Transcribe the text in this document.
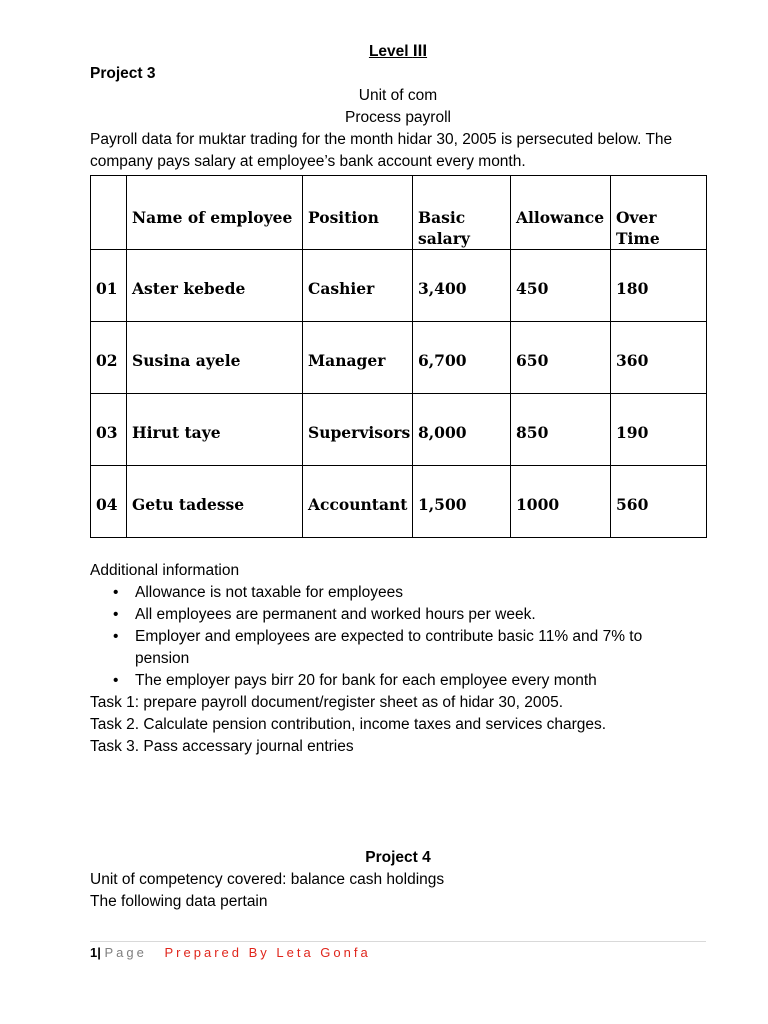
Level III
Project 3
Unit of com
Process payroll
Payroll data for muktar trading for the month hidar 30, 2005 is persecuted below. The
company pays salary at employee’s bank account every month.
	Name of employee	Position	Basic salary	Allowance	Over Time
01	Aster kebede	Cashier	3,400	450	180
02	Susina ayele	Manager	6,700	650	360
03	Hirut taye	Supervisors	8,000	850	190
04	Getu tadesse	Accountant	1,500	1000	560
Additional information
• Allowance is not taxable for employees
• All employees are permanent and worked hours per week.
• Employer and employees are expected to contribute basic 11% and 7% to
pension
• The employer pays birr 20 for bank for each employee every month
Task 1: prepare payroll document/register sheet as of hidar 30, 2005.
Task 2. Calculate pension contribution, income taxes and services charges.
Task 3. Pass accessary journal entries
Project 4
Unit of competency covered: balance cash holdings
The following data pertain
1| Page Prepared By Leta Gonfa
